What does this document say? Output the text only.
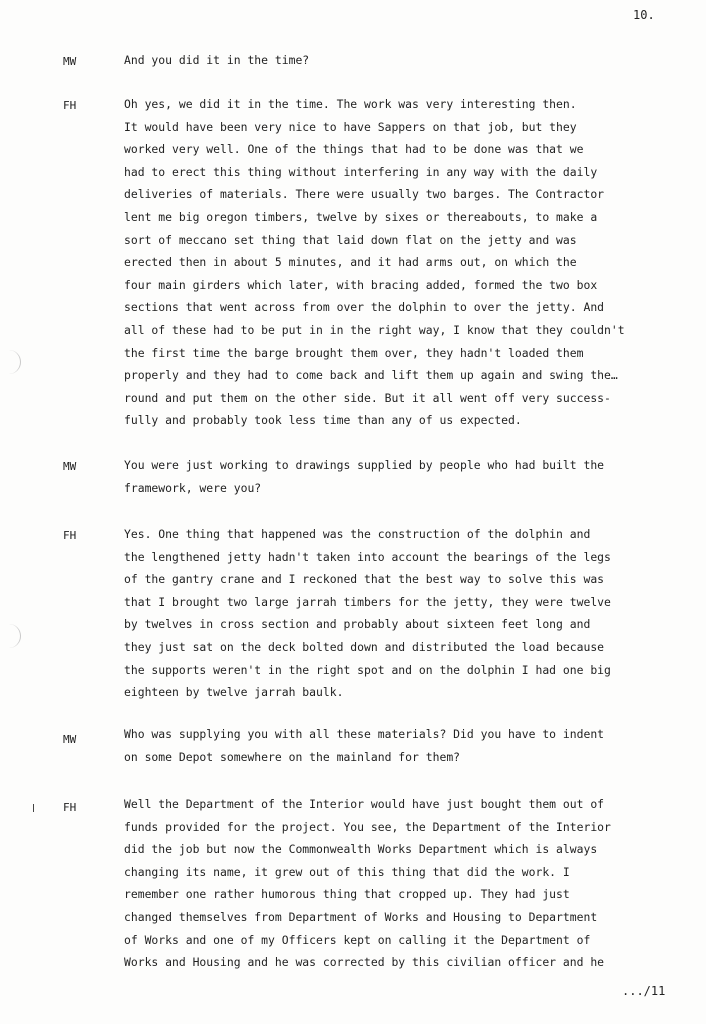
10.
MW	And you did it in the time?
FH	Oh yes, we did it in the time. The work was very interesting then.
It would have been very nice to have Sappers on that job, but they
worked very well. One of the things that had to be done was that we
had to erect this thing without interfering in any way with the daily
deliveries of materials. There were usually two barges. The Contractor
lent me big oregon timbers, twelve by sixes or thereabouts, to make a
sort of meccano set thing that laid down flat on the jetty and was
erected then in about 5 minutes, and it had arms out, on which the
four main girders which later, with bracing added, formed the two box
sections that went across from over the dolphin to over the jetty. And
all of these had to be put in in the right way, I know that they couldn't
the first time the barge brought them over, they hadn't loaded them
properly and they had to come back and lift them up again and swing the…
round and put them on the other side. But it all went off very success-
fully and probably took less time than any of us expected.
MW	You were just working to drawings supplied by people who had built the
framework, were you?
FH	Yes. One thing that happened was the construction of the dolphin and
the lengthened jetty hadn't taken into account the bearings of the legs
of the gantry crane and I reckoned that the best way to solve this was
that I brought two large jarrah timbers for the jetty, they were twelve
by twelves in cross section and probably about sixteen feet long and
they just sat on the deck bolted down and distributed the load because
the supports weren't in the right spot and on the dolphin I had one big
eighteen by twelve jarrah baulk.
MW	Who was supplying you with all these materials? Did you have to indent
on some Depot somewhere on the mainland for them?
FH	Well the Department of the Interior would have just bought them out of
funds provided for the project. You see, the Department of the Interior
did the job but now the Commonwealth Works Department which is always
changing its name, it grew out of this thing that did the work. I
remember one rather humorous thing that cropped up. They had just
changed themselves from Department of Works and Housing to Department
of Works and one of my Officers kept on calling it the Department of
Works and Housing and he was corrected by this civilian officer and he
.../11
